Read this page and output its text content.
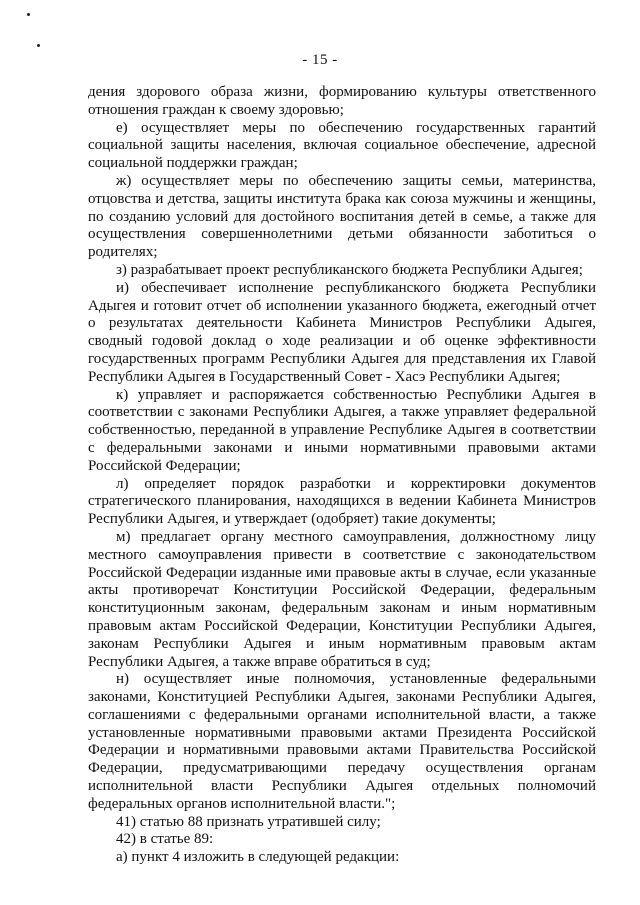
- 15 -

дения здорового образа жизни, формированию культуры ответственного отношения граждан к своему здоровью;

е) осуществляет меры по обеспечению государственных гарантий социальной защиты населения, включая социальное обеспечение, адресной социальной поддержки граждан;

ж) осуществляет меры по обеспечению защиты семьи, материнства, отцовства и детства, защиты института брака как союза мужчины и женщины, по созданию условий для достойного воспитания детей в семье, а также для осуществления совершеннолетними детьми обязанности заботиться о родителях;

з) разрабатывает проект республиканского бюджета Республики Адыгея;

и) обеспечивает исполнение республиканского бюджета Республики Адыгея и готовит отчет об исполнении указанного бюджета, ежегодный отчет о результатах деятельности Кабинета Министров Республики Адыгея, сводный годовой доклад о ходе реализации и об оценке эффективности государственных программ Республики Адыгея для представления их Главой Республики Адыгея в Государственный Совет - Хасэ Республики Адыгея;

к) управляет и распоряжается собственностью Республики Адыгея в соответствии с законами Республики Адыгея, а также управляет федеральной собственностью, переданной в управление Республике Адыгея в соответствии с федеральными законами и иными нормативными правовыми актами Российской Федерации;

л) определяет порядок разработки и корректировки документов стратегического планирования, находящихся в ведении Кабинета Министров Республики Адыгея, и утверждает (одобряет) такие документы;

м) предлагает органу местного самоуправления, должностному лицу местного самоуправления привести в соответствие с законодательством Российской Федерации изданные ими правовые акты в случае, если указанные акты противоречат Конституции Российской Федерации, федеральным конституционным законам, федеральным законам и иным нормативным правовым актам Российской Федерации, Конституции Республики Адыгея, законам Республики Адыгея и иным нормативным правовым актам Республики Адыгея, а также вправе обратиться в суд;

н) осуществляет иные полномочия, установленные федеральными законами, Конституцией Республики Адыгея, законами Республики Адыгея, соглашениями с федеральными органами исполнительной власти, а также установленные нормативными правовыми актами Президента Российской Федерации и нормативными правовыми актами Правительства Российской Федерации, предусматривающими передачу осуществления органам исполнительной власти Республики Адыгея отдельных полномочий федеральных органов исполнительной власти.";

41) статью 88 признать утратившей силу;

42) в статье 89:

а) пункт 4 изложить в следующей редакции:
